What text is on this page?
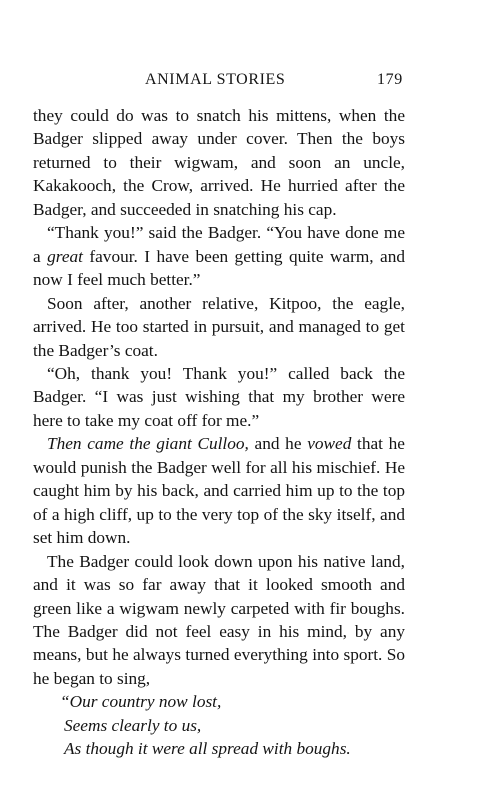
ANIMAL STORIES	179

they could do was to snatch his mittens, when the Badger slipped away under cover. Then the boys returned to their wigwam, and soon an uncle, Kakakooch, the Crow, arrived. He hurried after the Badger, and succeeded in snatching his cap.

“Thank you!” said the Badger. “You have done me a great favour. I have been getting quite warm, and now I feel much better.”

Soon after, another relative, Kitpoo, the eagle, arrived. He too started in pursuit, and managed to get the Badger’s coat.

“Oh, thank you! Thank you!” called back the Badger. “I was just wishing that my brother were here to take my coat off for me.”

Then came the giant Culloo, and he vowed that he would punish the Badger well for all his mischief. He caught him by his back, and carried him up to the top of a high cliff, up to the very top of the sky itself, and set him down.

The Badger could look down upon his native land, and it was so far away that it looked smooth and green like a wigwam newly carpeted with fir boughs. The Badger did not feel easy in his mind, by any means, but he always turned everything into sport. So he began to sing,

“Our country now lost,
Seems clearly to us,
As though it were all spread with boughs.
